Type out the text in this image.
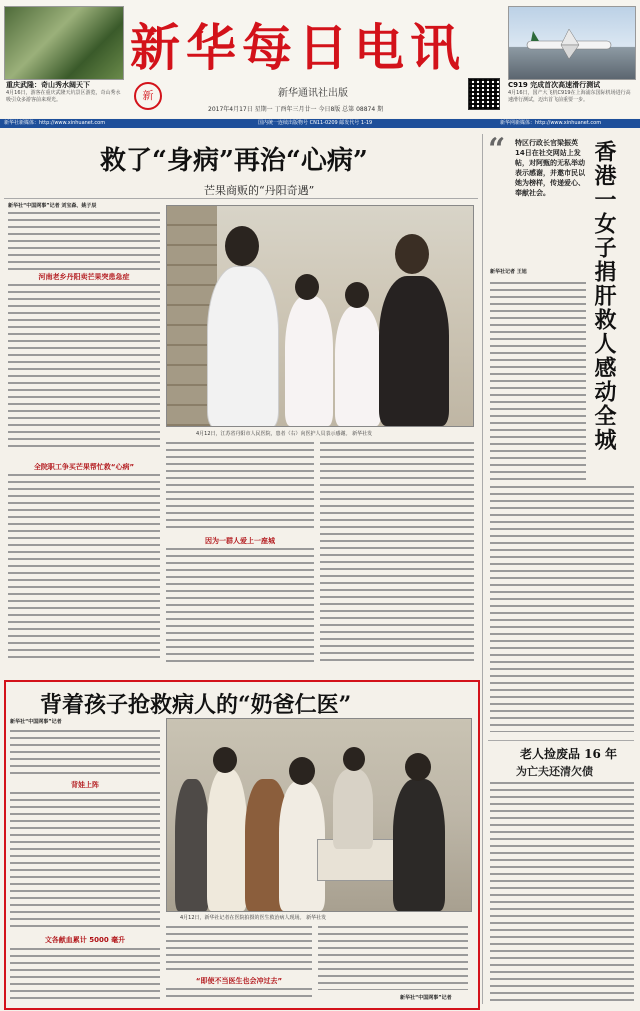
重庆武隆：奇山秀水阔天下
4月16日，游客在重庆武隆天坑景区游览，奇山秀水吸引众多游客前来观光。
新华每日电讯
新	新华通讯社出版
2017年4月17日 星期一 丁酉年三月廿一 今日8版 总第 08874 期
C919 完成首次高速滑行测试
4月16日，国产大飞机C919在上海浦东国际机场进行高速滑行测试，迈出首飞前重要一步。
新华社新媒体：http://www.xinhuanet.com	国内统一连续出版物号 CN11-0209 邮发代号 1-19	新华网新媒体：http://www.xinhuanet.com
救了“身病”再治“心病”
芒果商贩的“丹阳奇遇”
新华社“中国网事”记者 刘宝森、姚子辰
河南老乡丹阳卖芒果突患急症
全院职工争买芒果帮忙救“心病”
4月12日，江苏省丹阳市人民医院，患者（右）向医护人员表示感谢。 新华社发
因为一群人爱上一座城
“ 特区行政长官梁振英14日在社交网站上发帖，对阿甄的无私举动表示感谢，并邀市民以她为榜样，传递爱心、奉献社会。	香港一女子捐肝救人感动全城
新华社记者 王旭
老人捡废品 16 年
为亡夫还清欠债
背着孩子抢救病人的“奶爸仁医”
新华社“中国网事”记者
背娃上阵
文各献血累计 5000 毫升
4月12日，新华社记者在医院拍摄的医生救治病人现场。 新华社发
“即使不当医生也会冲过去”
新华社“中国网事”记者
